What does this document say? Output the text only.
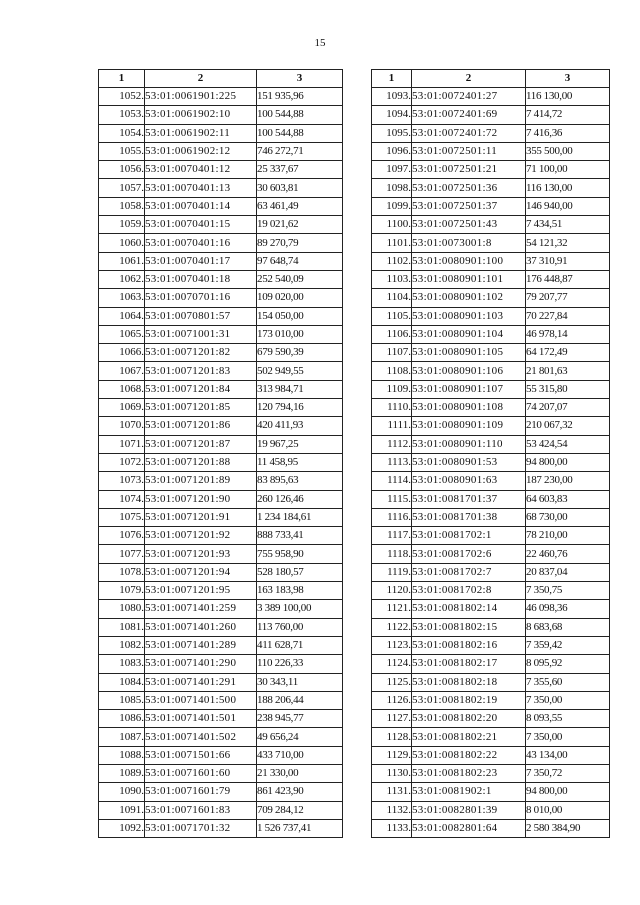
15
1	2	3
1052.	53:01:0061901:225	151 935,96
1053.	53:01:0061902:10	100 544,88
1054.	53:01:0061902:11	100 544,88
1055.	53:01:0061902:12	746 272,71
1056.	53:01:0070401:12	25 337,67
1057.	53:01:0070401:13	30 603,81
1058.	53:01:0070401:14	63 461,49
1059.	53:01:0070401:15	19 021,62
1060.	53:01:0070401:16	89 270,79
1061.	53:01:0070401:17	97 648,74
1062.	53:01:0070401:18	252 540,09
1063.	53:01:0070701:16	109 020,00
1064.	53:01:0070801:57	154 050,00
1065.	53:01:0071001:31	173 010,00
1066.	53:01:0071201:82	679 590,39
1067.	53:01:0071201:83	502 949,55
1068.	53:01:0071201:84	313 984,71
1069.	53:01:0071201:85	120 794,16
1070.	53:01:0071201:86	420 411,93
1071.	53:01:0071201:87	19 967,25
1072.	53:01:0071201:88	11 458,95
1073.	53:01:0071201:89	83 895,63
1074.	53:01:0071201:90	260 126,46
1075.	53:01:0071201:91	1 234 184,61
1076.	53:01:0071201:92	888 733,41
1077.	53:01:0071201:93	755 958,90
1078.	53:01:0071201:94	528 180,57
1079.	53:01:0071201:95	163 183,98
1080.	53:01:0071401:259	3 389 100,00
1081.	53:01:0071401:260	113 760,00
1082.	53:01:0071401:289	411 628,71
1083.	53:01:0071401:290	110 226,33
1084.	53:01:0071401:291	30 343,11
1085.	53:01:0071401:500	188 206,44
1086.	53:01:0071401:501	238 945,77
1087.	53:01:0071401:502	49 656,24
1088.	53:01:0071501:66	433 710,00
1089.	53:01:0071601:60	21 330,00
1090.	53:01:0071601:79	861 423,90
1091.	53:01:0071601:83	709 284,12
1092.	53:01:0071701:32	1 526 737,41
1	2	3
1093.	53:01:0072401:27	116 130,00
1094.	53:01:0072401:69	7 414,72
1095.	53:01:0072401:72	7 416,36
1096.	53:01:0072501:11	355 500,00
1097.	53:01:0072501:21	71 100,00
1098.	53:01:0072501:36	116 130,00
1099.	53:01:0072501:37	146 940,00
1100.	53:01:0072501:43	7 434,51
1101.	53:01:0073001:8	54 121,32
1102.	53:01:0080901:100	37 310,91
1103.	53:01:0080901:101	176 448,87
1104.	53:01:0080901:102	79 207,77
1105.	53:01:0080901:103	70 227,84
1106.	53:01:0080901:104	46 978,14
1107.	53:01:0080901:105	64 172,49
1108.	53:01:0080901:106	21 801,63
1109.	53:01:0080901:107	55 315,80
1110.	53:01:0080901:108	74 207,07
1111.	53:01:0080901:109	210 067,32
1112.	53:01:0080901:110	53 424,54
1113.	53:01:0080901:53	94 800,00
1114.	53:01:0080901:63	187 230,00
1115.	53:01:0081701:37	64 603,83
1116.	53:01:0081701:38	68 730,00
1117.	53:01:0081702:1	78 210,00
1118.	53:01:0081702:6	22 460,76
1119.	53:01:0081702:7	20 837,04
1120.	53:01:0081702:8	7 350,75
1121.	53:01:0081802:14	46 098,36
1122.	53:01:0081802:15	8 683,68
1123.	53:01:0081802:16	7 359,42
1124.	53:01:0081802:17	8 095,92
1125.	53:01:0081802:18	7 355,60
1126.	53:01:0081802:19	7 350,00
1127.	53:01:0081802:20	8 093,55
1128.	53:01:0081802:21	7 350,00
1129.	53:01:0081802:22	43 134,00
1130.	53:01:0081802:23	7 350,72
1131.	53:01:0081902:1	94 800,00
1132.	53:01:0082801:39	8 010,00
1133.	53:01:0082801:64	2 580 384,90
